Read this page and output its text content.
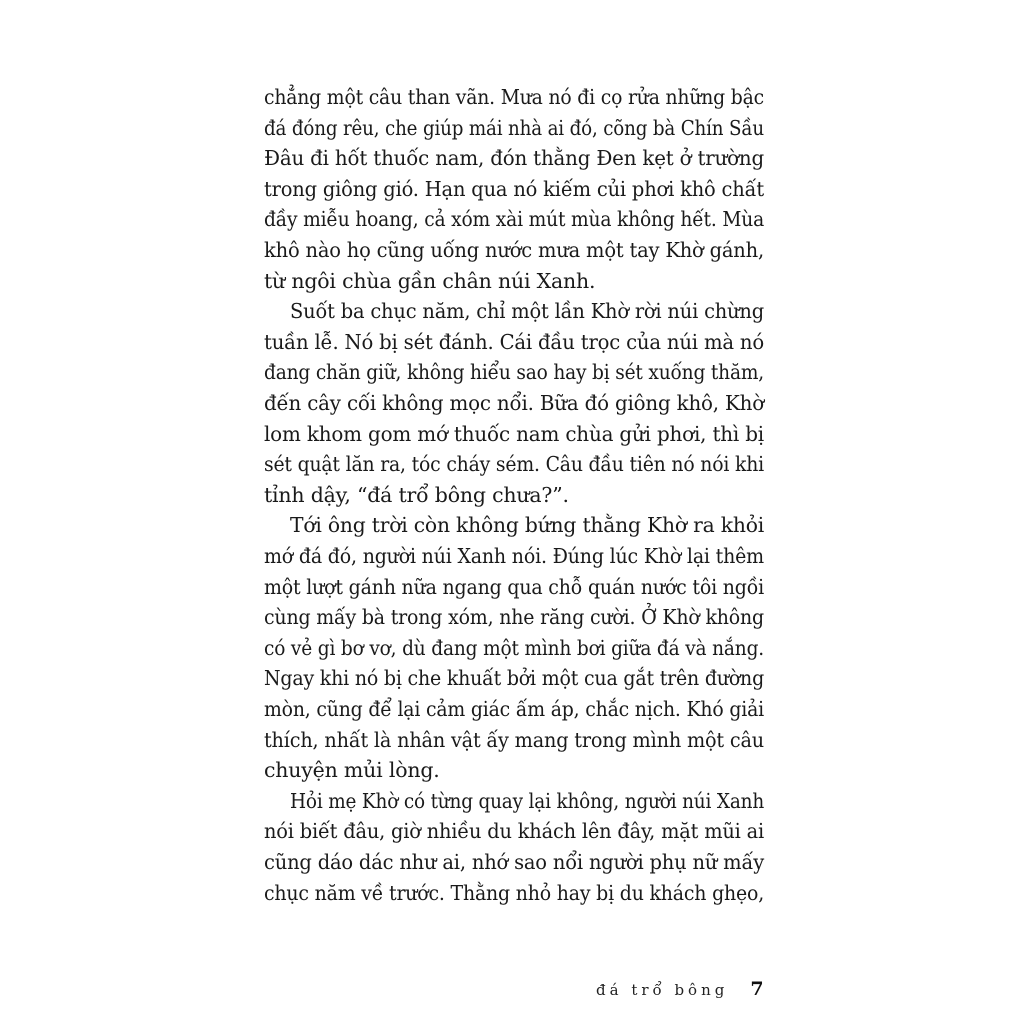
chẳng một câu than vãn. Mưa nó đi cọ rửa những bậc
đá đóng rêu, che giúp mái nhà ai đó, cõng bà Chín Sầu
Đâu đi hốt thuốc nam, đón thằng Đen kẹt ở trường
trong giông gió. Hạn qua nó kiếm củi phơi khô chất
đầy miễu hoang, cả xóm xài mút mùa không hết. Mùa
khô nào họ cũng uống nước mưa một tay Khờ gánh,
từ ngôi chùa gần chân núi Xanh.
Suốt ba chục năm, chỉ một lần Khờ rời núi chừng
tuần lễ. Nó bị sét đánh. Cái đầu trọc của núi mà nó
đang chăn giữ, không hiểu sao hay bị sét xuống thăm,
đến cây cối không mọc nổi. Bữa đó giông khô, Khờ
lom khom gom mớ thuốc nam chùa gửi phơi, thì bị
sét quật lăn ra, tóc cháy sém. Câu đầu tiên nó nói khi
tỉnh dậy, “đá trổ bông chưa?”.
Tới ông trời còn không bứng thằng Khờ ra khỏi
mớ đá đó, người núi Xanh nói. Đúng lúc Khờ lại thêm
một lượt gánh nữa ngang qua chỗ quán nước tôi ngồi
cùng mấy bà trong xóm, nhe răng cười. Ở Khờ không
có vẻ gì bơ vơ, dù đang một mình bơi giữa đá và nắng.
Ngay khi nó bị che khuất bởi một cua gắt trên đường
mòn, cũng để lại cảm giác ấm áp, chắc nịch. Khó giải
thích, nhất là nhân vật ấy mang trong mình một câu
chuyện mủi lòng.
Hỏi mẹ Khờ có từng quay lại không, người núi Xanh
nói biết đâu, giờ nhiều du khách lên đây, mặt mũi ai
cũng dáo dác như ai, nhớ sao nổi người phụ nữ mấy
chục năm về trước. Thằng nhỏ hay bị du khách ghẹo,
đá trổ bông 7
